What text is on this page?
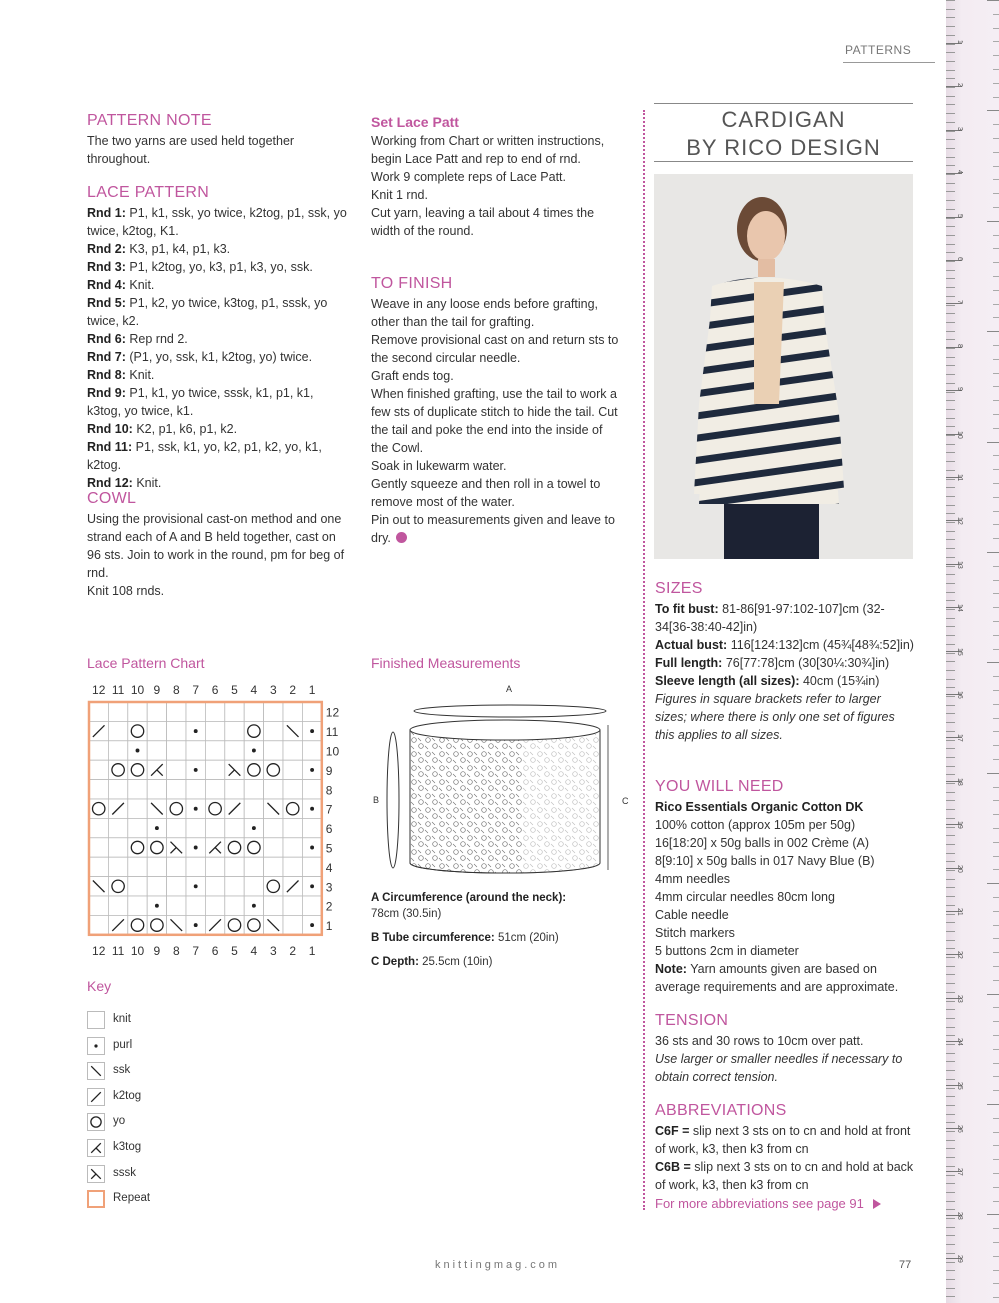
PATTERNS
1
2
3
4
5
6
7
8
9
10
11
12
13
14
15
16
17
18
19
20
21
22
23
24
25
26
27
28
29
PATTERN NOTE

The two yarns are used held together throughout.

LACE PATTERN

Rnd 1: P1, k1, ssk, yo twice, k2tog, p1, ssk, yo twice, k2tog, K1.

Rnd 2: K3, p1, k4, p1, k3.

Rnd 3: P1, k2tog, yo, k3, p1, k3, yo, ssk.

Rnd 4: Knit.

Rnd 5: P1, k2, yo twice, k3tog, p1, sssk, yo twice, k2.

Rnd 6: Rep rnd 2.

Rnd 7: (P1, yo, ssk, k1, k2tog, yo) twice.

Rnd 8: Knit.

Rnd 9: P1, k1, yo twice, sssk, k1, p1, k1, k3tog, yo twice, k1.

Rnd 10: K2, p1, k6, p1, k2.

Rnd 11: P1, ssk, k1, yo, k2, p1, k2, yo, k1, k2tog.

Rnd 12: Knit.

COWL

Using the provisional cast-on method and one strand each of A and B held together, cast on 96 sts. Join to work in the round, pm for beg of rnd.

Knit 108 rnds.

Set Lace Patt

Working from Chart or written instructions, begin Lace Patt and rep to end of rnd.

Work 9 complete reps of Lace Patt.

Knit 1 rnd.

Cut yarn, leaving a tail about 4 times the width of the round.

TO FINISH

Weave in any loose ends before grafting, other than the tail for grafting.

Remove provisional cast on and return sts to the second circular needle.

Graft ends tog.

When finished grafting, use the tail to work a few sts of duplicate stitch to hide the tail. Cut the tail and poke the end into the inside of the Cowl.

Soak in lukewarm water.

Gently squeeze and then roll in a towel to remove most of the water.

Pin out to measurements given and leave to dry.

Lace Pattern Chart
12
12
11
11
10
10
9
9
8
8
7
7
6
6
5
5
4
4
3
3
2
2
1
1
12
11
10
9
8
7
6
5
4
3
2
1
Key
knit
purl
ssk
k2tog
yo
k3tog
sssk
Repeat
Finished Measurements
A
B	C

A Circumference (around the neck):
78cm (30.5in)

B Tube circumference: 51cm (20in)

C Depth: 25.5cm (10in)

CARDIGAN
BY RICO DESIGN
SIZES

To fit bust: 81-86[91-97:102-107]cm (32-34[36-38:40-42]in)

Actual bust: 116[124:132]cm (45¾[48¾:52]in)

Full length: 76[77:78]cm (30[30¼:30¾]in)

Sleeve length (all sizes): 40cm (15¾in)

Figures in square brackets refer to larger sizes; where there is only one set of figures this applies to all sizes.

YOU WILL NEED

Rico Essentials Organic Cotton DK

100% cotton (approx 105m per 50g)

16[18:20] x 50g balls in 002 Crème (A)

8[9:10] x 50g balls in 017 Navy Blue (B)

4mm needles

4mm circular needles 80cm long

Cable needle

Stitch markers

5 buttons 2cm in diameter

Note: Yarn amounts given are based on average requirements and are approximate.

TENSION

36 sts and 30 rows to 10cm over patt.

Use larger or smaller needles if necessary to obtain correct tension.

ABBREVIATIONS

C6F = slip next 3 sts on to cn and hold at front of work, k3, then k3 from cn

C6B = slip next 3 sts on to cn and hold at back of work, k3, then k3 from cn

For more abbreviations see page 91

knittingmag.com	77
